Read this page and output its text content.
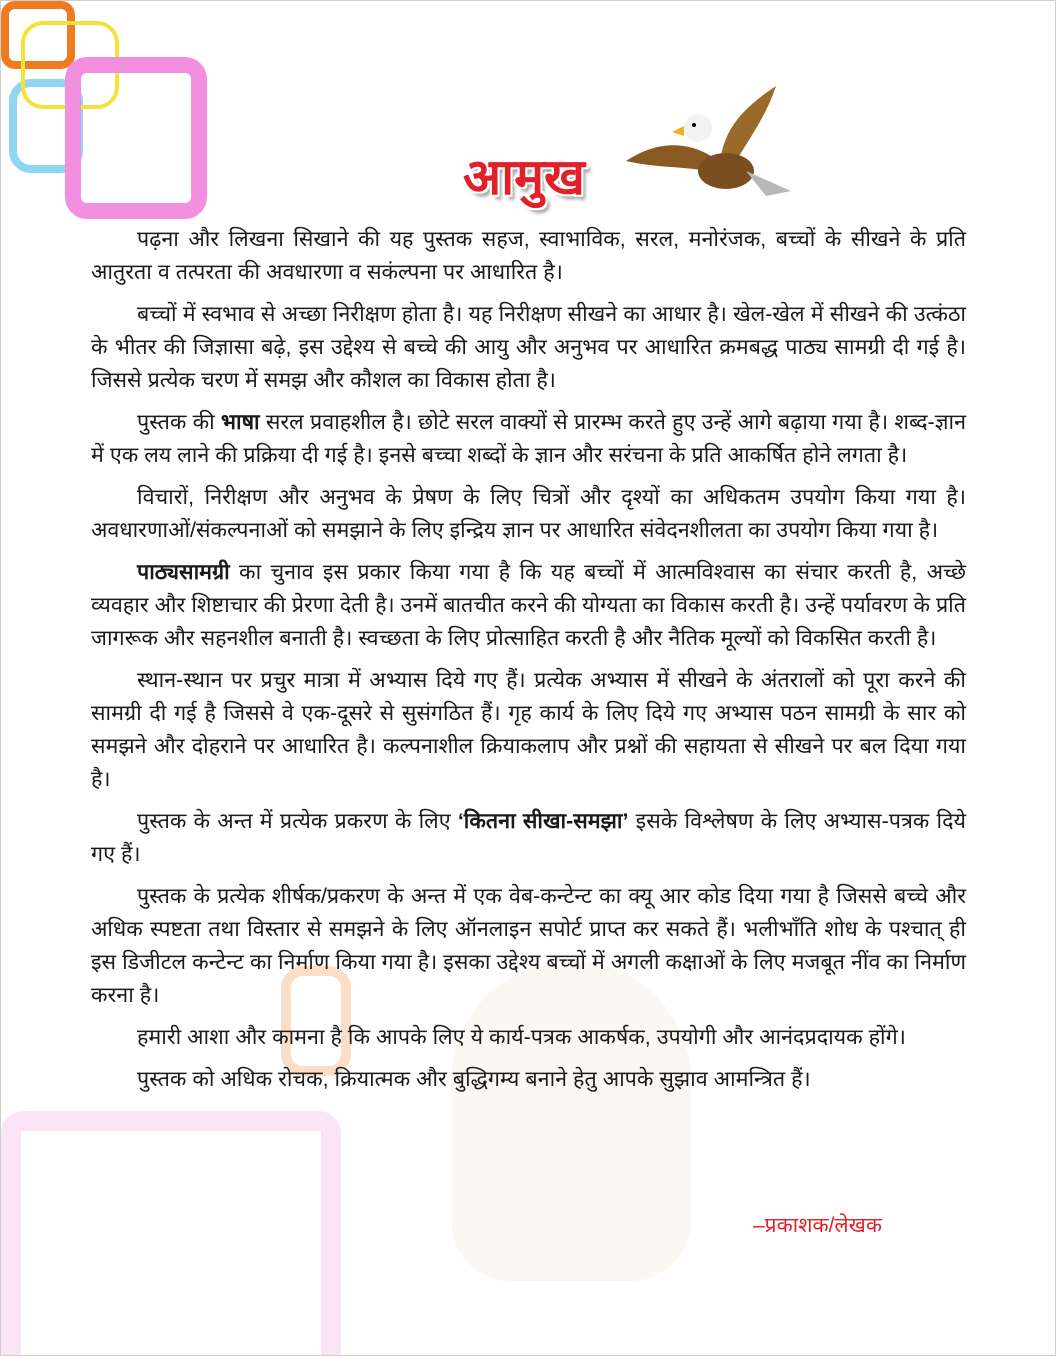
आमुख

पढ़ना और लिखना सिखाने की यह पुस्तक सहज, स्वाभाविक, सरल, मनोरंजक, बच्चों के सीखने के प्रति आतुरता व तत्परता की अवधारणा व सकंल्पना पर आधारित है।

बच्चों में स्वभाव से अच्छा निरीक्षण होता है। यह निरीक्षण सीखने का आधार है। खेल-खेल में सीखने की उत्कंठा के भीतर की जिज्ञासा बढ़े, इस उद्देश्य से बच्चे की आयु और अनुभव पर आधारित क्रमबद्ध पाठ्य सामग्री दी गई है। जिससे प्रत्येक चरण में समझ और कौशल का विकास होता है।

पुस्तक की भाषा सरल प्रवाहशील है। छोटे सरल वाक्यों से प्रारम्भ करते हुए उन्हें आगे बढ़ाया गया है। शब्द-ज्ञान में एक लय लाने की प्रक्रिया दी गई है। इनसे बच्चा शब्दों के ज्ञान और सरंचना के प्रति आकर्षित होने लगता है।

विचारों, निरीक्षण और अनुभव के प्रेषण के लिए चित्रों और दृश्यों का अधिकतम उपयोग किया गया है। अवधारणाओं/संकल्पनाओं को समझाने के लिए इन्द्रिय ज्ञान पर आधारित संवेदनशीलता का उपयोग किया गया है।

पाठ्यसामग्री का चुनाव इस प्रकार किया गया है कि यह बच्चों में आत्मविश्वास का संचार करती है, अच्छे व्यवहार और शिष्टाचार की प्रेरणा देती है। उनमें बातचीत करने की योग्यता का विकास करती है। उन्हें पर्यावरण के प्रति जागरूक और सहनशील बनाती है। स्वच्छता के लिए प्रोत्साहित करती है और नैतिक मूल्यों को विकसित करती है।

स्थान-स्थान पर प्रचुर मात्रा में अभ्यास दिये गए हैं। प्रत्येक अभ्यास में सीखने के अंतरालों को पूरा करने की सामग्री दी गई है जिससे वे एक-दूसरे से सुसंगठित हैं। गृह कार्य के लिए दिये गए अभ्यास पठन सामग्री के सार को समझने और दोहराने पर आधारित है। कल्पनाशील क्रियाकलाप और प्रश्नों की सहायता से सीखने पर बल दिया गया है।

पुस्तक के अन्त में प्रत्येक प्रकरण के लिए ‘कितना सीखा-समझा’ इसके विश्लेषण के लिए अभ्यास-पत्रक दिये गए हैं।

पुस्तक के प्रत्येक शीर्षक/प्रकरण के अन्त में एक वेब-कन्टेन्ट का क्यू आर कोड दिया गया है जिससे बच्चे और अधिक स्पष्टता तथा विस्तार से समझने के लिए ऑनलाइन सपोर्ट प्राप्त कर सकते हैं। भलीभाँति शोध के पश्चात् ही इस डिजीटल कन्टेन्ट का निर्माण किया गया है। इसका उद्देश्य बच्चों में अगली कक्षाओं के लिए मजबूत नींव का निर्माण करना है।

हमारी आशा और कामना है कि आपके लिए ये कार्य-पत्रक आकर्षक, उपयोगी और आनंदप्रदायक होंगे।

पुस्तक को अधिक रोचक, क्रियात्मक और बुद्धिगम्य बनाने हेतु आपके सुझाव आमन्त्रित हैं।

–प्रकाशक/लेखक
